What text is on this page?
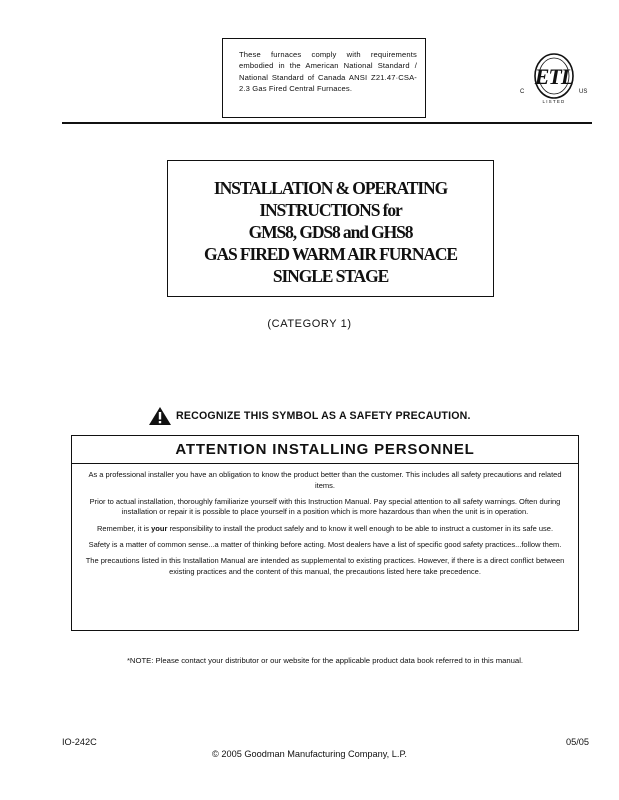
These furnaces comply with requirements embodied in the American National Standard / National Standard of Canada ANSI Z21.47·CSA-2.3 Gas Fired Central Furnaces.	ETL
C	US
LISTED
INSTALLATION & OPERATING
INSTRUCTIONS for
GMS8, GDS8 and GHS8
GAS FIRED WARM AIR FURNACE
SINGLE STAGE
(CATEGORY 1)
RECOGNIZE THIS SYMBOL AS A SAFETY PRECAUTION.
ATTENTION INSTALLING PERSONNEL

As a professional installer you have an obligation to know the product better than the customer. This includes all safety precautions and related items.

Prior to actual installation, thoroughly familiarize yourself with this Instruction Manual. Pay special attention to all safety warnings. Often during installation or repair it is possible to place yourself in a position which is more hazardous than when the unit is in operation.

Remember, it is your responsibility to install the product safely and to know it well enough to be able to instruct a customer in its safe use.

Safety is a matter of common sense...a matter of thinking before acting. Most dealers have a list of specific good safety practices...follow them.

The precautions listed in this Installation Manual are intended as supplemental to existing practices. However, if there is a direct conflict between existing practices and the content of this manual, the precautions listed here take precedence.

*NOTE: Please contact your distributor or our website for the applicable product data book referred to in this manual.
IO-242C	05/05
© 2005 Goodman Manufacturing Company, L.P.
